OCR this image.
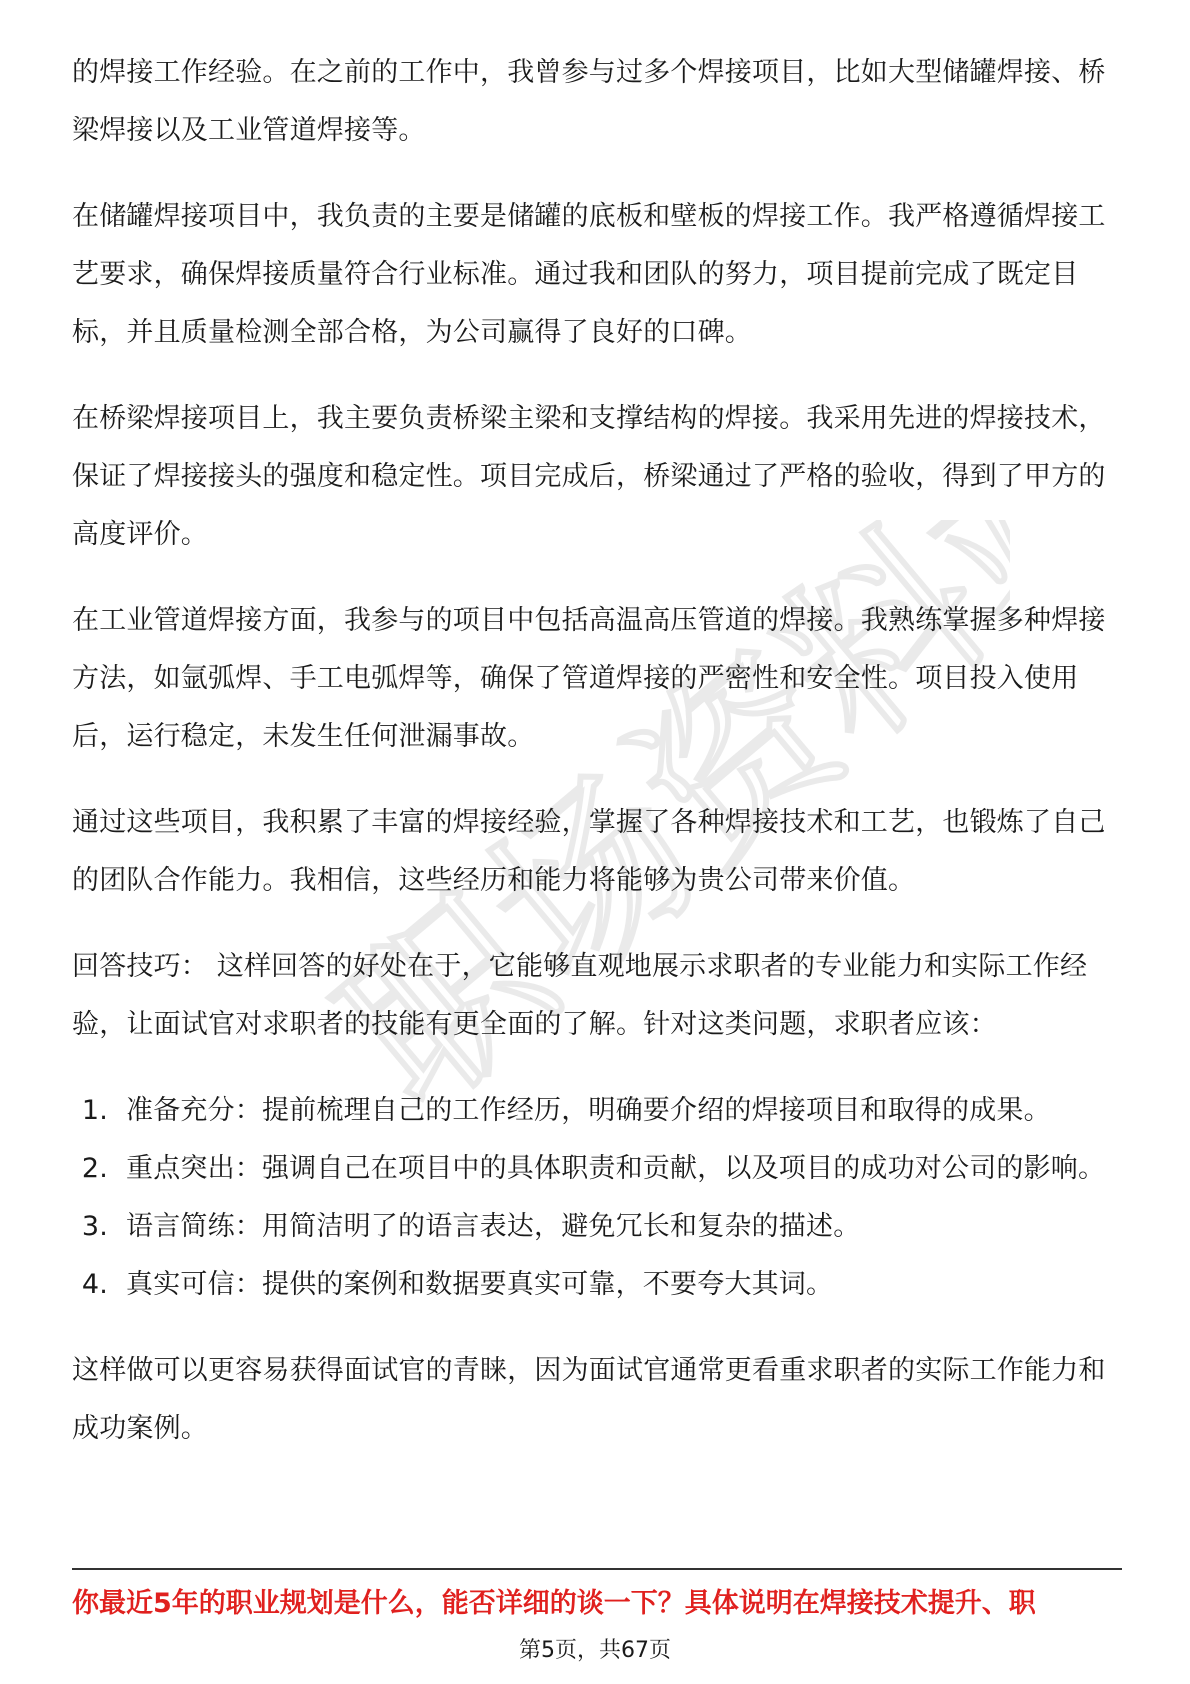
职场资料站

的焊接工作经验。在之前的工作中，我曾参与过多个焊接项目，比如大型储罐焊接、桥梁焊接以及工业管道焊接等。

在储罐焊接项目中，我负责的主要是储罐的底板和壁板的焊接工作。我严格遵循焊接工艺要求，确保焊接质量符合行业标准。通过我和团队的努力，项目提前完成了既定目标，并且质量检测全部合格，为公司赢得了良好的口碑。

在桥梁焊接项目上，我主要负责桥梁主梁和支撑结构的焊接。我采用先进的焊接技术，保证了焊接接头的强度和稳定性。项目完成后，桥梁通过了严格的验收，得到了甲方的高度评价。

在工业管道焊接方面，我参与的项目中包括高温高压管道的焊接。我熟练掌握多种焊接方法，如氩弧焊、手工电弧焊等，确保了管道焊接的严密性和安全性。项目投入使用后，运行稳定，未发生任何泄漏事故。

通过这些项目，我积累了丰富的焊接经验，掌握了各种焊接技术和工艺，也锻炼了自己的团队合作能力。我相信，这些经历和能力将能够为贵公司带来价值。

回答技巧： 这样回答的好处在于，它能够直观地展示求职者的专业能力和实际工作经验，让面试官对求职者的技能有更全面的了解。针对这类问题，求职者应该：

1. 准备充分：提前梳理自己的工作经历，明确要介绍的焊接项目和取得的成果。
2. 重点突出：强调自己在项目中的具体职责和贡献，以及项目的成功对公司的影响。
3. 语言简练：用简洁明了的语言表达，避免冗长和复杂的描述。
4. 真实可信：提供的案例和数据要真实可靠，不要夸大其词。

这样做可以更容易获得面试官的青睐，因为面试官通常更看重求职者的实际工作能力和成功案例。

你最近5年的职业规划是什么，能否详细的谈一下？具体说明在焊接技术提升、职
第5页，共67页
